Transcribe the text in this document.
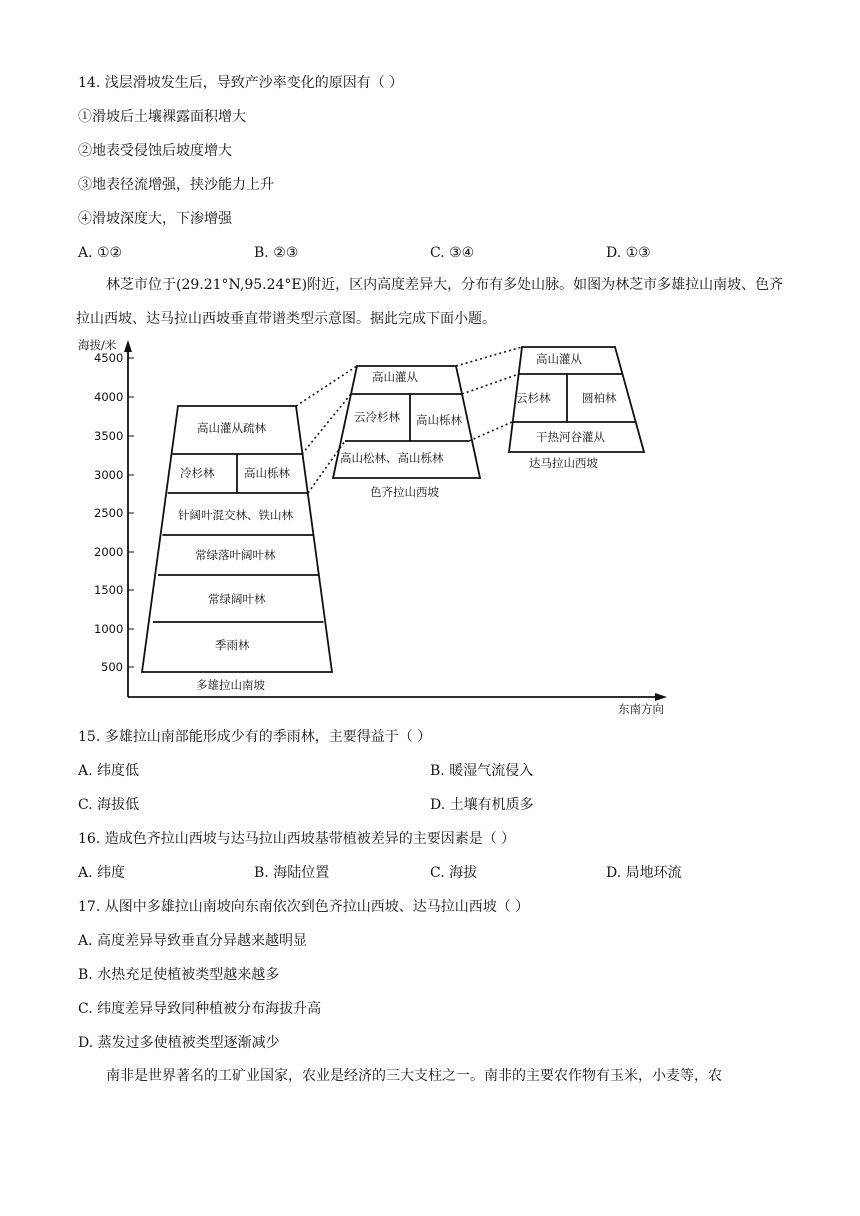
14. 浅层滑坡发生后，导致产沙率变化的原因有（ ）
①滑坡后土壤裸露面积增大
②地表受侵蚀后坡度增大
③地表径流增强，挟沙能力上升
④滑坡深度大，下渗增强
A. ①②	B. ②③	C. ③④	D. ①③
林芝市位于(29.21°N,95.24°E)附近，区内高度差异大，分布有多处山脉。如图为林芝市多雄拉山南坡、色齐拉山西坡、达马拉山西坡垂直带谱类型示意图。据此完成下面小题。
海拔/米
东南方向
4500
4000
3500
3000
2500
2000
1500
1000
500
高山灌从疏林
冷杉林	高山栎林
针阔叶混交林、铁山林
常绿落叶阔叶林
常绿阔叶林
季雨林
多雄拉山南坡
高山灌从
云冷杉林 高山栎林
高山松林、高山栎林
色齐拉山西坡
高山灌从
云杉林	圆柏林
干热河谷灌从
达马拉山西坡
15. 多雄拉山南部能形成少有的季雨林，主要得益于（ ）
A. 纬度低	B. 暖湿气流侵入
C. 海拔低	D. 土壤有机质多
16. 造成色齐拉山西坡与达马拉山西坡基带植被差异的主要因素是（ ）
A. 纬度	B. 海陆位置	C. 海拔	D. 局地环流
17. 从图中多雄拉山南坡向东南依次到色齐拉山西坡、达马拉山西坡（ ）
A. 高度差异导致垂直分异越来越明显
B. 水热充足使植被类型越来越多
C. 纬度差异导致同种植被分布海拔升高
D. 蒸发过多使植被类型逐渐减少
南非是世界著名的工矿业国家，农业是经济的三大支柱之一。南非的主要农作物有玉米，小麦等，农
